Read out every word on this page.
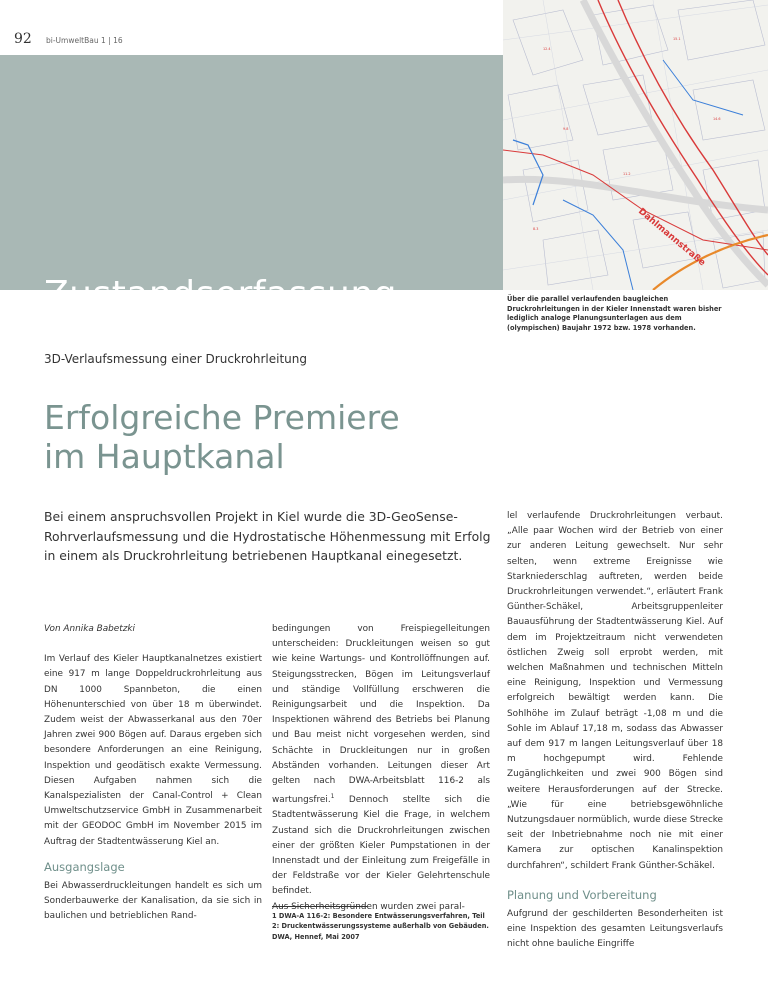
92 bi-UmweltBau 1 | 16
Zustandserfassung
12.4
15.1
9.8
14.6
11.2
8.3	Dahlmannstraße
Über die parallel verlaufenden baugleichen Druckrohrleitungen in der Kieler Innenstadt waren bisher lediglich analoge Planungsunterlagen aus dem (olympischen) Baujahr 1972 bzw. 1978 vorhanden.
3D-Verlaufsmessung einer Druckrohrleitung
Erfolgreiche Premiere
im Hauptkanal
Bei einem anspruchsvollen Projekt in Kiel wurde die 3D-GeoSense-Rohrverlaufsmessung und die Hydrostatische Höhenmessung mit Erfolg in einem als Druckrohrleitung betriebenen Hauptkanal einegesetzt.

Von Annika Babetzki

Im Verlauf des Kieler Hauptkanalnetzes existiert eine 917 m lange Doppeldruckrohrleitung aus DN 1000 Spannbeton, die einen Höhenunterschied von über 18 m überwindet. Zudem weist der Abwasserkanal aus den 70er Jahren zwei 900 Bögen auf. Daraus ergeben sich besondere Anforderungen an eine Reinigung, Inspektion und geodätisch exakte Vermessung. Diesen Aufgaben nahmen sich die Kanalspezialisten der Canal-Control + Clean Umweltschutzservice GmbH in Zusammenarbeit mit der GEODOC GmbH im November 2015 im Auftrag der Stadtentwässerung Kiel an.

Ausgangslage

Bei Abwasserdruckleitungen handelt es sich um Sonderbauwerke der Kanalisation, da sie sich in baulichen und betrieblichen Rand-

bedingungen von Freispiegelleitungen unterscheiden: Druckleitungen weisen so gut wie keine Wartungs- und Kontrollöffnungen auf. Steigungsstrecken, Bögen im Leitungsverlauf und ständige Vollfüllung erschweren die Reinigungsarbeit und die Inspektion. Da Inspektionen während des Betriebs bei Planung und Bau meist nicht vorgesehen werden, sind Schächte in Druckleitungen nur in großen Abständen vorhanden. Leitungen dieser Art gelten nach DWA-Arbeitsblatt 116-2 als wartungsfrei.$^1$ Dennoch stellte sich die Stadtentwässerung Kiel die Frage, in welchem Zustand sich die Druckrohrleitungen zwischen einer der größten Kieler Pumpstationen in der Innenstadt und der Einleitung zum Freigefälle in der Feldstraße vor der Kieler Gelehrtenschule befindet.

Aus Sicherheitsgründen wurden zwei paral-

1 DWA-A 116-2: Besondere Entwässerungsverfahren, Teil 2: Druckentwässerungssysteme außerhalb von Gebäuden. DWA, Hennef, Mai 2007

lel verlaufende Druckrohrleitungen verbaut. „Alle paar Wochen wird der Betrieb von einer zur anderen Leitung gewechselt. Nur sehr selten, wenn extreme Ereignisse wie Starkniederschlag auftreten, werden beide Druckrohrleitungen verwendet.“, erläutert Frank Günther-Schäkel, Arbeitsgruppenleiter Bauausführung der Stadtentwässerung Kiel. Auf dem im Projektzeitraum nicht verwendeten östlichen Zweig soll erprobt werden, mit welchen Maßnahmen und technischen Mitteln eine Reinigung, Inspektion und Vermessung erfolgreich bewältigt werden kann. Die Sohlhöhe im Zulauf beträgt -1,08 m und die Sohle im Ablauf 17,18 m, sodass das Abwasser auf dem 917 m langen Leitungsverlauf über 18 m hochgepumpt wird. Fehlende Zugänglichkeiten und zwei 900 Bögen sind weitere Herausforderungen auf der Strecke. „Wie für eine betriebsgewöhnliche Nutzungsdauer normüblich, wurde diese Strecke seit der Inbetriebnahme noch nie mit einer Kamera zur optischen Kanalinspektion durchfahren“, schildert Frank Günther-Schäkel.

Planung und Vorbereitung

Aufgrund der geschilderten Besonderheiten ist eine Inspektion des gesamten Leitungsverlaufs nicht ohne bauliche Eingriffe
